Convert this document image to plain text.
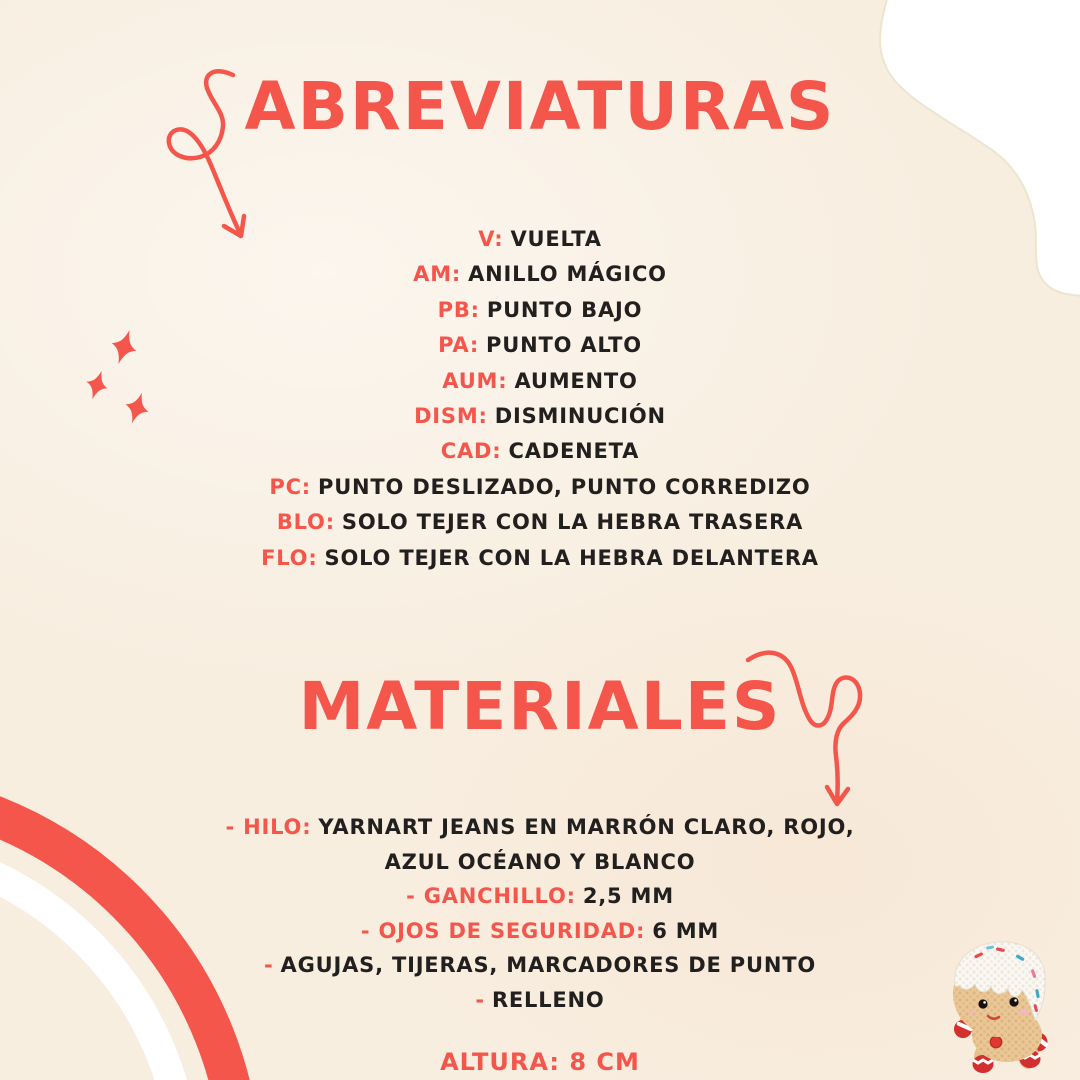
ABREVIATURAS
V: VUELTA
AM: ANILLO MÁGICO
PB: PUNTO BAJO
PA: PUNTO ALTO
AUM: AUMENTO
DISM: DISMINUCIÓN
CAD: CADENETA
PC: PUNTO DESLIZADO, PUNTO CORREDIZO
BLO: SOLO TEJER CON LA HEBRA TRASERA
FLO: SOLO TEJER CON LA HEBRA DELANTERA
MATERIALES
- HILO: YARNART JEANS EN MARRÓN CLARO, ROJO,
AZUL OCÉANO Y BLANCO
- GANCHILLO: 2,5 MM
- OJOS DE SEGURIDAD: 6 MM
- AGUJAS, TIJERAS, MARCADORES DE PUNTO
- RELLENO
ALTURA: 8 CM
